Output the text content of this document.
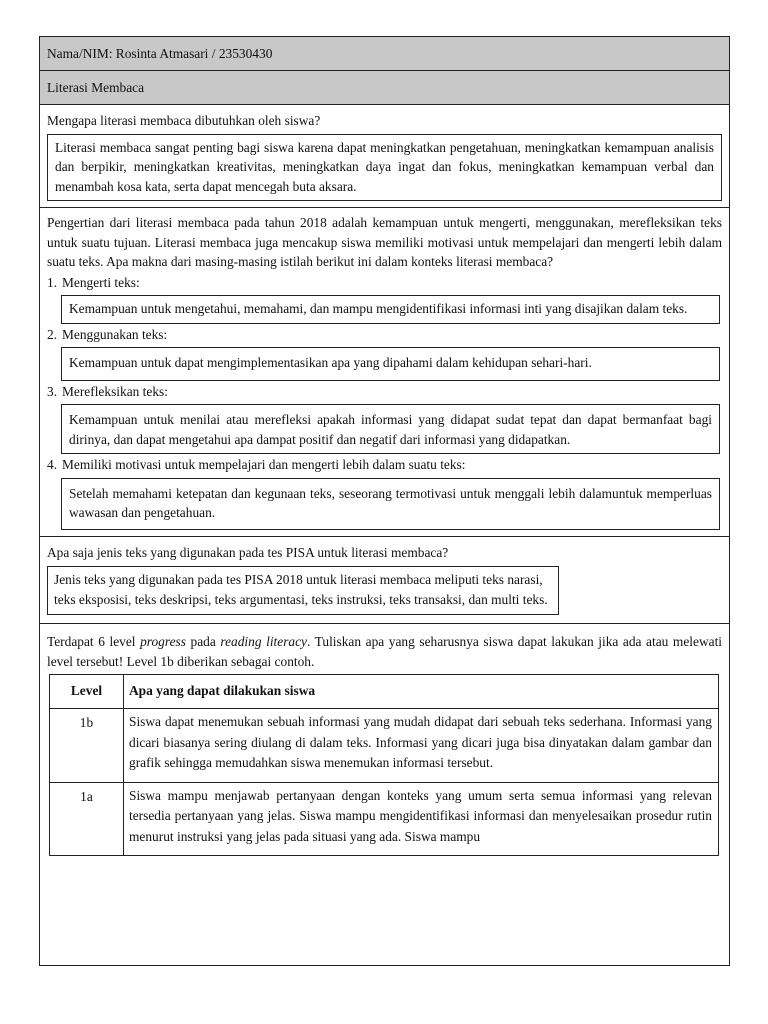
Nama/NIM: Rosinta Atmasari / 23530430
Literasi Membaca

Mengapa literasi membaca dibutuhkan oleh siswa?

Literasi membaca sangat penting bagi siswa karena dapat meningkatkan pengetahuan, meningkatkan kemampuan analisis dan berpikir, meningkatkan kreativitas, meningkatkan daya ingat dan fokus, meningkatkan kemampuan verbal dan menambah kosa kata, serta dapat mencegah buta aksara.

Pengertian dari literasi membaca pada tahun 2018 adalah kemampuan untuk mengerti, menggunakan, merefleksikan teks untuk suatu tujuan. Literasi membaca juga mencakup siswa memiliki motivasi untuk mempelajari dan mengerti lebih dalam suatu teks. Apa makna dari masing-masing istilah berikut ini dalam konteks literasi membaca?

1. Mengerti teks:

Kemampuan untuk mengetahui, memahami, dan mampu mengidentifikasi informasi inti yang disajikan dalam teks.

2. Menggunakan teks:

Kemampuan untuk dapat mengimplementasikan apa yang dipahami dalam kehidupan sehari-hari.

3. Merefleksikan teks:

Kemampuan untuk menilai atau merefleksi apakah informasi yang didapat sudat tepat dan dapat bermanfaat bagi dirinya, dan dapat mengetahui apa dampat positif dan negatif dari informasi yang didapatkan.

4. Memiliki motivasi untuk mempelajari dan mengerti lebih dalam suatu teks:

Setelah memahami ketepatan dan kegunaan teks, seseorang termotivasi untuk menggali lebih dalamuntuk memperluas wawasan dan pengetahuan.

Apa saja jenis teks yang digunakan pada tes PISA untuk literasi membaca?

Jenis teks yang digunakan pada tes PISA 2018 untuk literasi membaca meliputi teks narasi,
teks eksposisi, teks deskripsi, teks argumentasi, teks instruksi, teks transaksi, dan multi teks.

Terdapat 6 level progress pada reading literacy. Tuliskan apa yang seharusnya siswa dapat lakukan jika ada atau melewati level tersebut! Level 1b diberikan sebagai contoh.

Level	Apa yang dapat dilakukan siswa
1b	Siswa dapat menemukan sebuah informasi yang mudah didapat dari sebuah teks sederhana. Informasi yang dicari biasanya sering diulang di dalam teks. Informasi yang dicari juga bisa dinyatakan dalam gambar dan grafik sehingga memudahkan siswa menemukan informasi tersebut.
1a	Siswa mampu menjawab pertanyaan dengan konteks yang umum serta semua informasi yang relevan tersedia pertanyaan yang jelas. Siswa mampu mengidentifikasi informasi dan menyelesaikan prosedur rutin menurut instruksi yang jelas pada situasi yang ada. Siswa mampu
